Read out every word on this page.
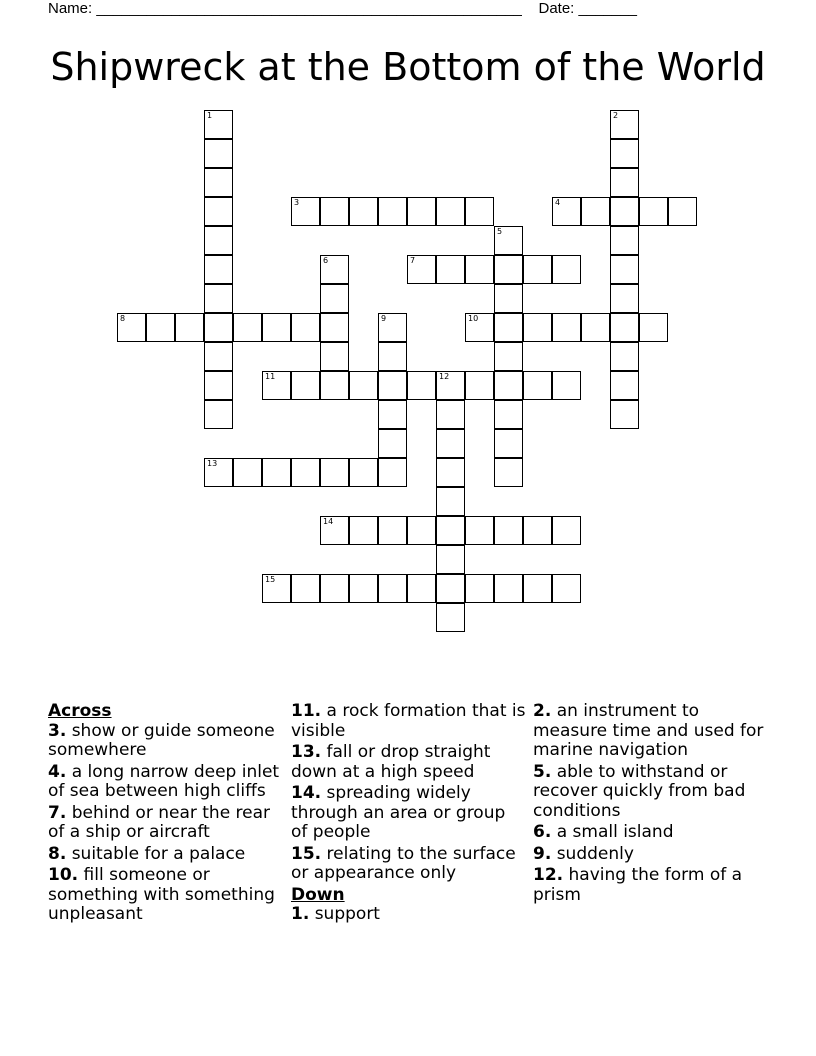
Name: ___________________________________________________ Date: _______
Shipwreck at the Bottom of the World
1	2
3	4
5
6	7
8	9	10
11	12
13
14
15
Across
3. show or guide someone somewhere
4. a long narrow deep inlet of sea between high cliffs
7. behind or near the rear of a ship or aircraft
8. suitable for a palace
10. fill someone or something with something unpleasant
11. a rock formation that is visible
13. fall or drop straight down at a high speed
14. spreading widely through an area or group of people
15. relating to the surface or appearance only
Down
1. support
2. an instrument to measure time and used for marine navigation
5. able to withstand or recover quickly from bad conditions
6. a small island
9. suddenly
12. having the form of a prism
